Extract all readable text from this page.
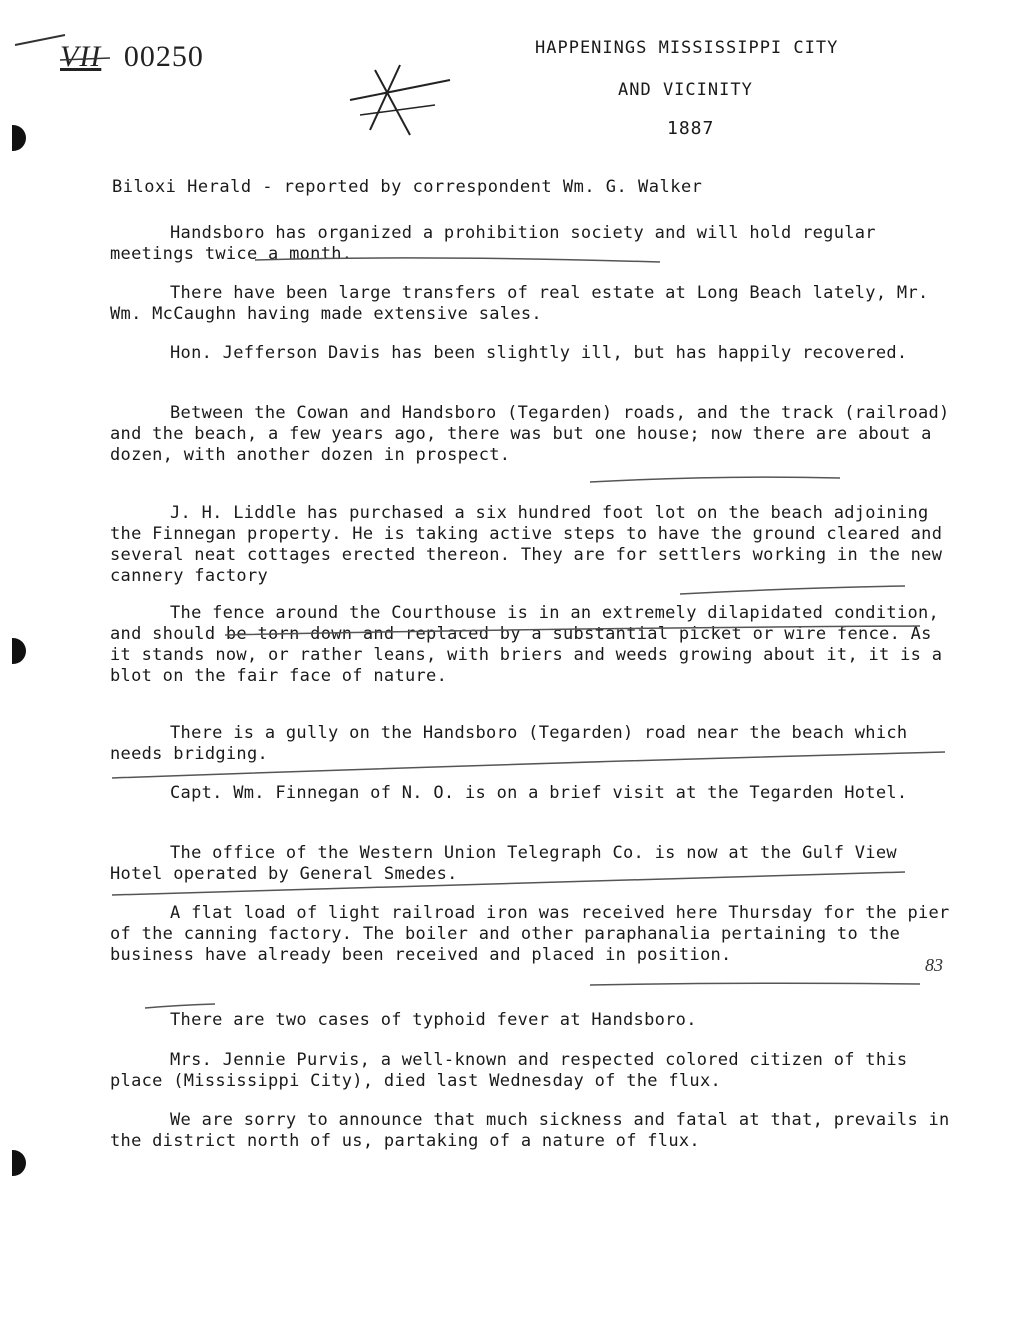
VII 00250	HAPPENINGS MISSISSIPPI CITY
AND VICINITY
1887
Biloxi Herald - reported by correspondent Wm. G. Walker

Handsboro has organized a prohibition society and will hold regular meetings twice a month.

There have been large transfers of real estate at Long Beach lately, Mr. Wm. McCaughn having made extensive sales.

Hon. Jefferson Davis has been slightly ill, but has happily recovered.

Between the Cowan and Handsboro (Tegarden) roads, and the track (railroad) and the beach, a few years ago, there was but one house; now there are about a dozen, with another dozen in prospect.

J. H. Liddle has purchased a six hundred foot lot on the beach adjoining the Finnegan property. He is taking active steps to have the ground cleared and several neat cottages erected thereon. They are for settlers working in the new cannery factory

The fence around the Courthouse is in an extremely dilapidated condition, and should be torn down and replaced by a substantial picket or wire fence. As it stands now, or rather leans, with briers and weeds growing about it, it is a blot on the fair face of nature.

There is a gully on the Handsboro (Tegarden) road near the beach which needs bridging.

Capt. Wm. Finnegan of N. O. is on a brief visit at the Tegarden Hotel.

The office of the Western Union Telegraph Co. is now at the Gulf View Hotel operated by General Smedes.

A flat load of light railroad iron was received here Thursday for the pier of the canning factory. The boiler and other paraphanalia pertaining to the business have already been received and placed in position.

There are two cases of typhoid fever at Handsboro.

Mrs. Jennie Purvis, a well-known and respected colored citizen of this place (Mississippi City), died last Wednesday of the flux.

We are sorry to announce that much sickness and fatal at that, prevails in the district north of us, partaking of a nature of flux.

83
